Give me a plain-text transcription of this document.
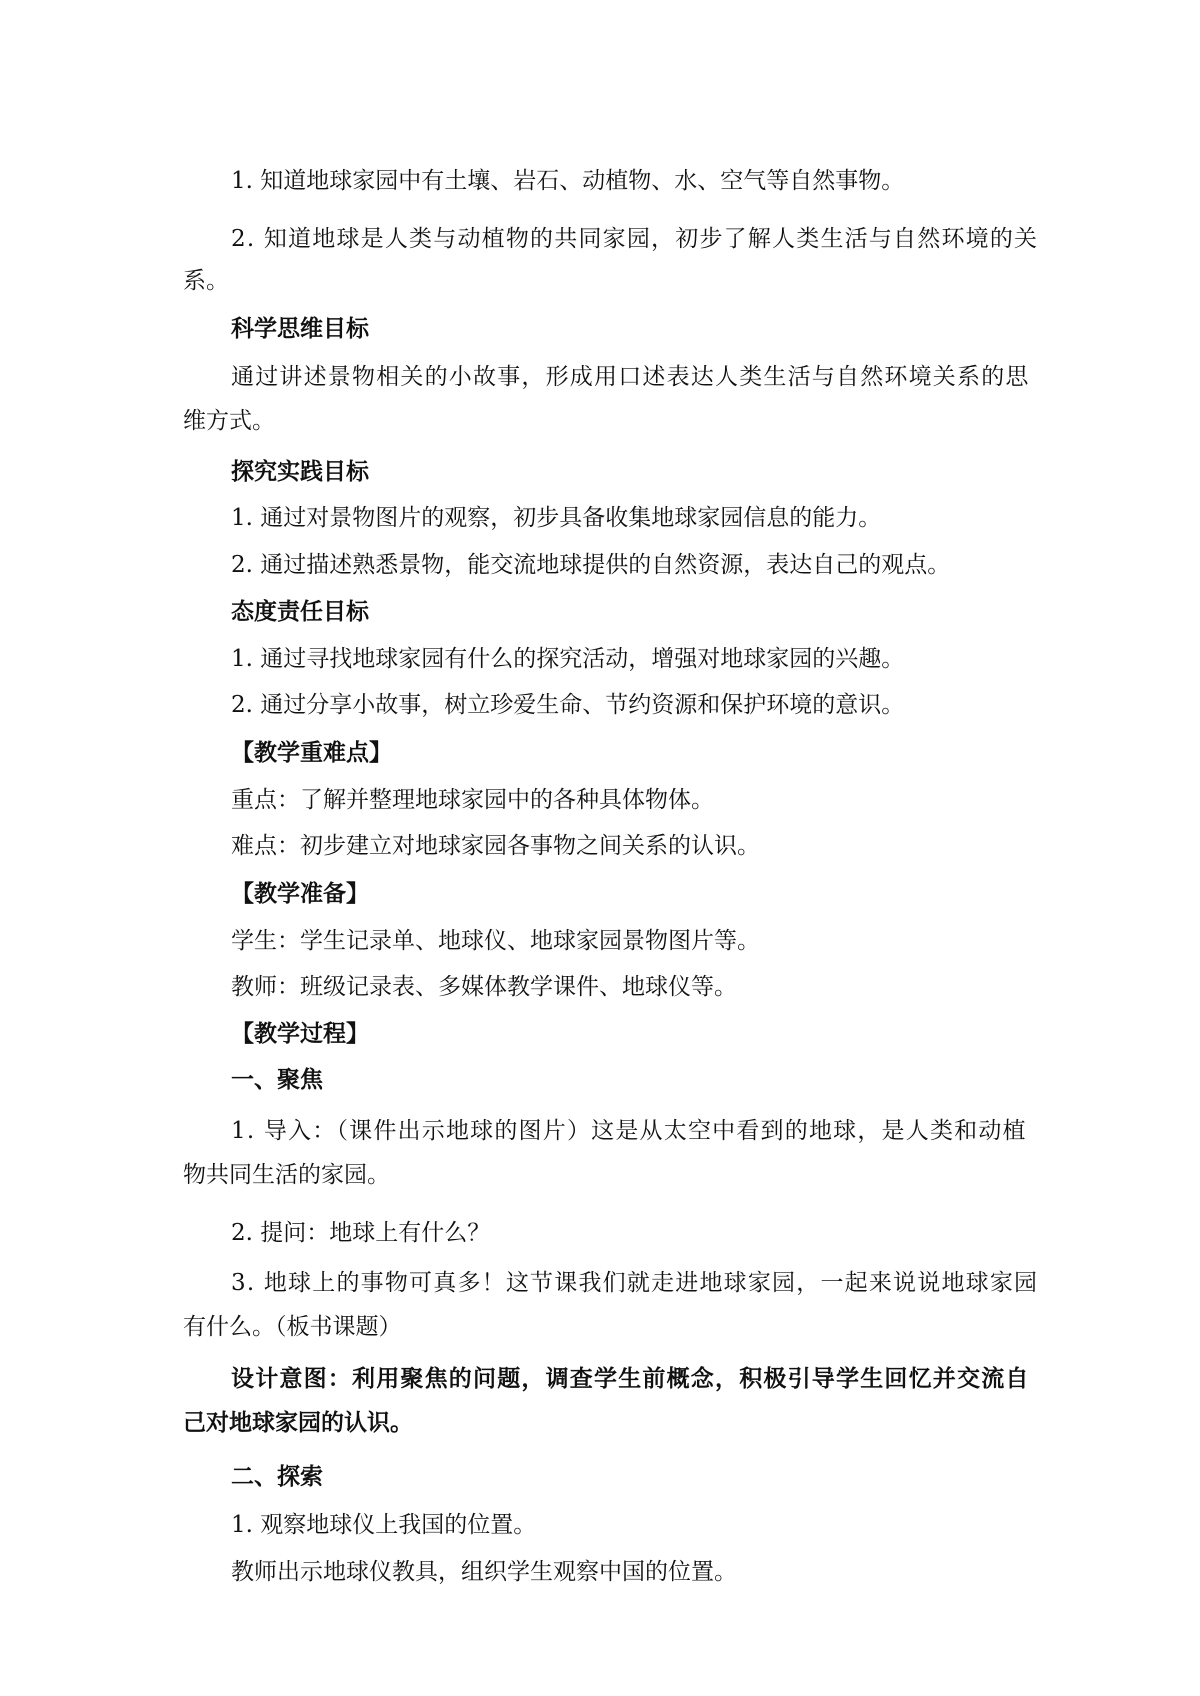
1. 知道地球家园中有土壤、岩石、动植物、水、空气等自然事物。

2. 知道地球是人类与动植物的共同家园，初步了解人类生活与自然环境的关

系。

科学思维目标

通过讲述景物相关的小故事，形成用口述表达人类生活与自然环境关系的思

维方式。

探究实践目标

1. 通过对景物图片的观察，初步具备收集地球家园信息的能力。

2. 通过描述熟悉景物，能交流地球提供的自然资源，表达自己的观点。

态度责任目标

1. 通过寻找地球家园有什么的探究活动，增强对地球家园的兴趣。

2. 通过分享小故事，树立珍爱生命、节约资源和保护环境的意识。

【教学重难点】

重点：了解并整理地球家园中的各种具体物体。

难点：初步建立对地球家园各事物之间关系的认识。

【教学准备】

学生：学生记录单、地球仪、地球家园景物图片等。

教师：班级记录表、多媒体教学课件、地球仪等。

【教学过程】

一、聚焦

1. 导入：（课件出示地球的图片）这是从太空中看到的地球，是人类和动植

物共同生活的家园。

2. 提问：地球上有什么？

3. 地球上的事物可真多！这节课我们就走进地球家园，一起来说说地球家园

有什么。（板书课题）

设计意图：利用聚焦的问题，调查学生前概念，积极引导学生回忆并交流自

己对地球家园的认识。

二、探索

1. 观察地球仪上我国的位置。

教师出示地球仪教具，组织学生观察中国的位置。
